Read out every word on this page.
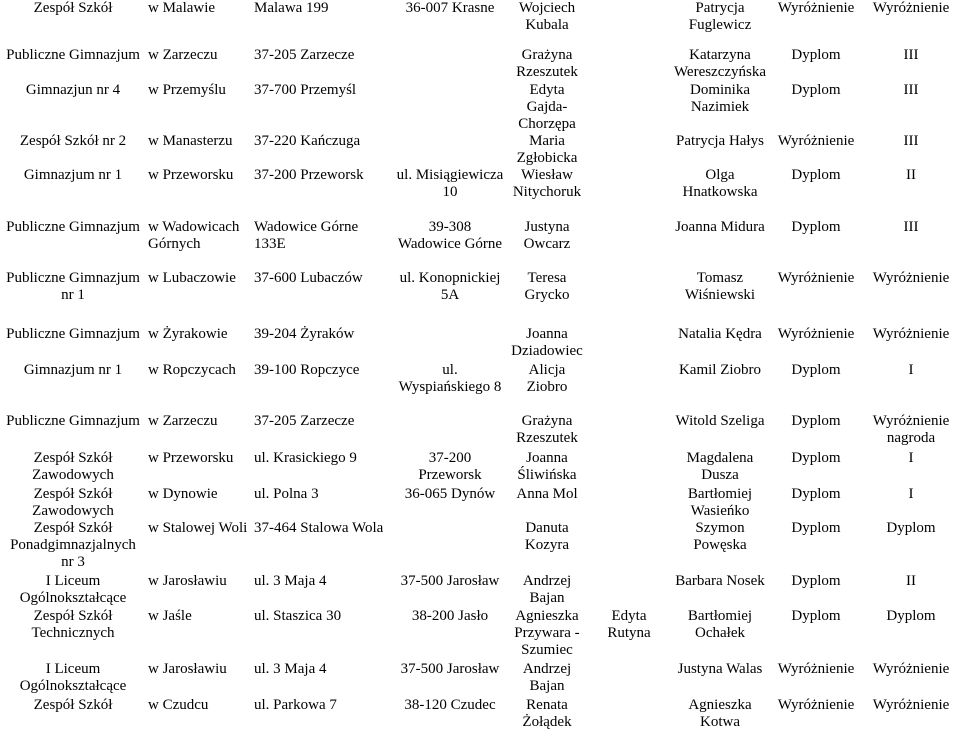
Zespół Szkół	w Malawie	Malawa 199	36-007 Krasne	Wojciech Kubala		Patrycja Fuglewicz	Wyróżnienie	Wyróżnienie
Publiczne Gimnazjum	w Zarzeczu	37-205 Zarzecze		Grażyna Rzeszutek		Katarzyna Wereszczyńska	Dyplom	III
Gimnazjun nr 4	w Przemyślu	37-700 Przemyśl		Edyta Gajda-Chorzępa		Dominika Nazimiek	Dyplom	III
Zespół Szkół nr 2	w Manasterzu	37-220 Kańczuga		Maria Zgłobicka		Patrycja Hałys	Wyróżnienie	III
Gimnazjum nr 1	w Przeworsku	37-200 Przeworsk	ul. Misiągiewicza 10	Wiesław Nitychoruk		Olga Hnatkowska	Dyplom	II
Publiczne Gimnazjum	w Wadowicach Górnych	Wadowice Górne 133E	39-308 Wadowice Górne	Justyna Owcarz		Joanna Midura	Dyplom	III
Publiczne Gimnazjum nr 1	w Lubaczowie	37-600 Lubaczów	ul. Konopnickiej 5A	Teresa Grycko		Tomasz Wiśniewski	Wyróżnienie	Wyróżnienie
Publiczne Gimnazjum	w Żyrakowie	39-204 Żyraków		Joanna Dziadowiec		Natalia Kędra	Wyróżnienie	Wyróżnienie
Gimnazjum nr 1	w Ropczycach	39-100 Ropczyce	ul. Wyspiańskiego 8	Alicja Ziobro		Kamil Ziobro	Dyplom	I
Publiczne Gimnazjum	w Zarzeczu	37-205 Zarzecze		Grażyna Rzeszutek		Witold Szeliga	Dyplom	Wyróżnienie nagroda
Zespół Szkół Zawodowych	w Przeworsku	ul. Krasickiego 9	37-200 Przeworsk	Joanna Śliwińska		Magdalena Dusza	Dyplom	I
Zespół Szkół Zawodowych	w Dynowie	ul. Polna 3	36-065 Dynów	Anna Mol		Bartłomiej Wasieńko	Dyplom	I
Zespół Szkół Ponadgimnazjalnych nr 3	w Stalowej Woli	37-464 Stalowa Wola		Danuta Kozyra		Szymon Powęska	Dyplom	Dyplom
I Liceum Ogólnokształcące	w Jarosławiu	ul. 3 Maja 4	37-500 Jarosław	Andrzej Bajan		Barbara Nosek	Dyplom	II
Zespół Szkół Technicznych	w Jaśle	ul. Staszica 30	38-200 Jasło	Agnieszka Przywara - Szumiec	Edyta Rutyna	Bartłomiej Ochałek	Dyplom	Dyplom
I Liceum Ogólnokształcące	w Jarosławiu	ul. 3 Maja 4	37-500 Jarosław	Andrzej Bajan		Justyna Walas	Wyróżnienie	Wyróżnienie
Zespół Szkół	w Czudcu	ul. Parkowa 7	38-120 Czudec	Renata Żołądek		Agnieszka Kotwa	Wyróżnienie	Wyróżnienie
